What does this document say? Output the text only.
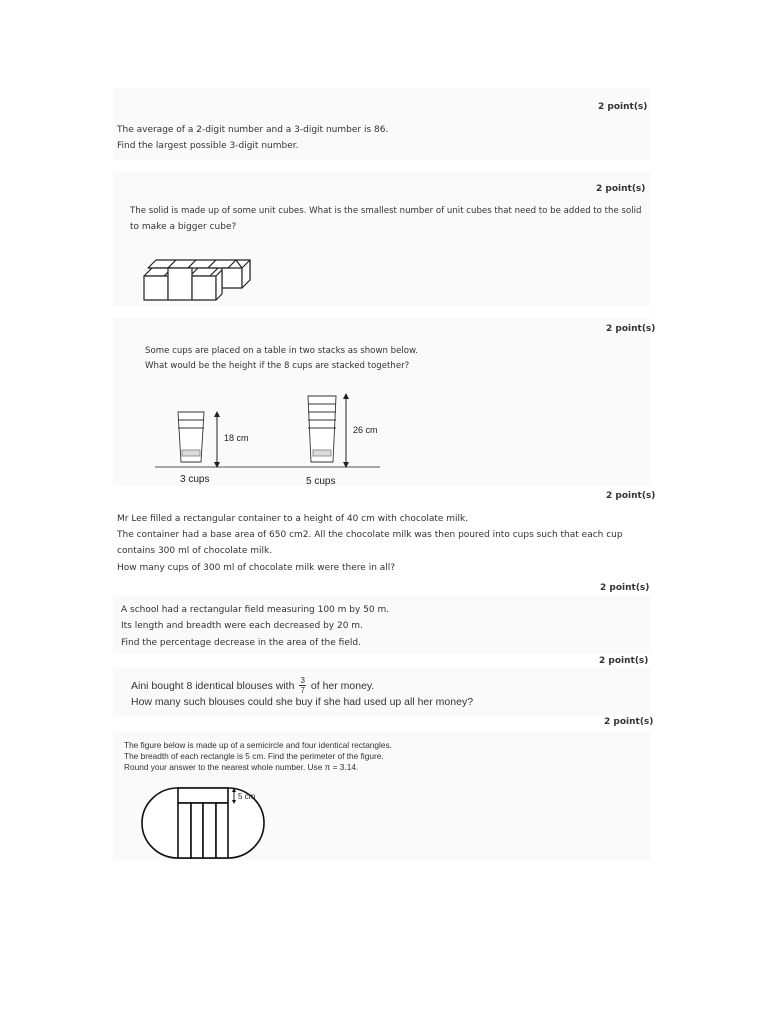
2 point(s)
The average of a 2-digit number and a 3-digit number is 86.
Find the largest possible 3-digit number.
2 point(s)
The solid is made up of some unit cubes. What is the smallest number of unit cubes that need to be added to the solid
to make a bigger cube?
2 point(s)
Some cups are placed on a table in two stacks as shown below.
What would be the height if the 8 cups are stacked together?
18 cm
26 cm
3 cups	5 cups
2 point(s)
Mr Lee filled a rectangular container to a height of 40 cm with chocolate milk.
The container had a base area of 650 cm2. All the chocolate milk was then poured into cups such that each cup
contains 300 ml of chocolate milk.
How many cups of 300 ml of chocolate milk were there in all?
2 point(s)
A school had a rectangular field measuring 100 m by 50 m.
Its length and breadth were each decreased by 20 m.
Find the percentage decrease in the area of the field.
2 point(s)
Aini bought 8 identical blouses with $\frac{3}{7}$ of her money.
How many such blouses could she buy if she had used up all her money?
2 point(s)
The figure below is made up of a semicircle and four identical rectangles.
The breadth of each rectangle is 5 cm. Find the perimeter of the figure.
Round your answer to the nearest whole number. Use π = 3.14.
5 cm
